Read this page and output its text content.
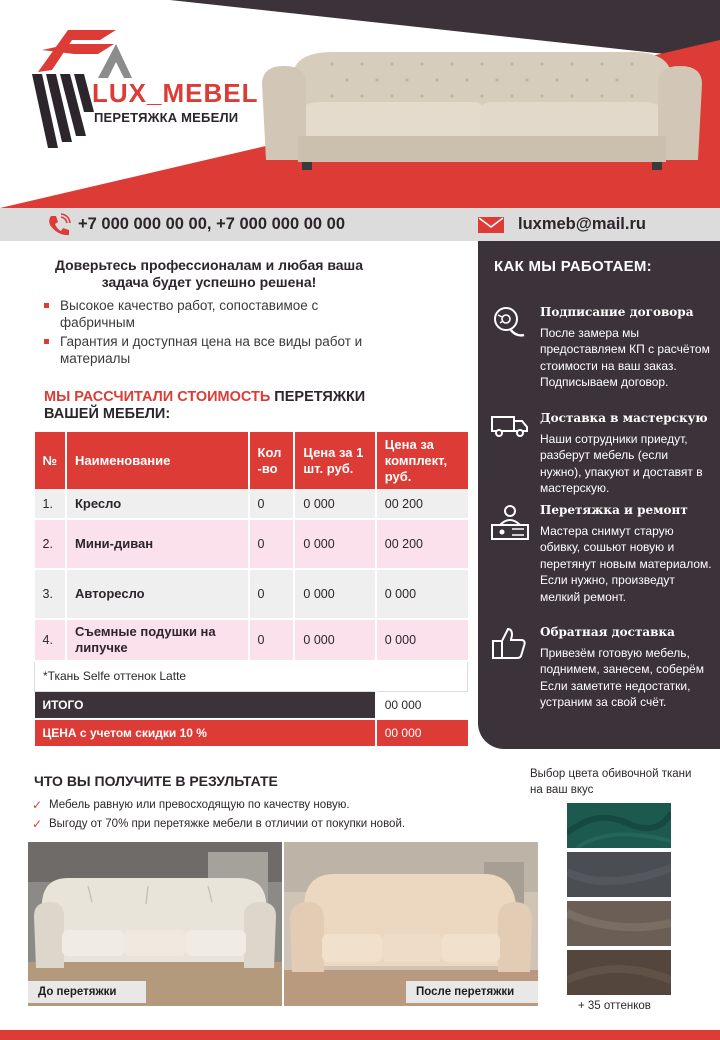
LUX_MEBEL
ПЕРЕТЯЖКА МЕБЕЛИ
+7 000 000 00 00, +7 000 000 00 00	luxmeb@mail.ru
Доверьтесь профессионалам и любая ваша задача будет успешно решена!
Высокое качество работ, сопоставимое с фабричным
Гарантия и доступная цена на все виды работ и материалы
МЫ РАССЧИТАЛИ СТОИМОСТЬ ПЕРЕТЯЖКИ ВАШЕЙ МЕБЕЛИ:
№	Наименование	Кол -во	Цена за 1 шт. руб.	Цена за комплект, руб.
1.	Кресло	0	0 000	00 200
2.	Мини-диван	0	0 000	00 200
3.	Авторесло	0	0 000	0 000
4.	Съемные подушки на липучке	0	0 000	0 000
*Ткань Selfe оттенок Latte				
ИТОГО				00 000
ЦЕНА с учетом скидки 10 %				00 000
КАК МЫ РАБОТАЕМ:
Подписание договора
После замера мы предоставляем КП с расчётом стоимости на ваш заказ. Подписываем договор.
Доставка в мастерскую
Наши сотрудники приедут, разберут мебель (если нужно), упакуют и доставят в мастерскую.
Перетяжка и ремонт
Мастера снимут старую обивку, сошьют новую и перетянут новым материалом. Если нужно, произведут мелкий ремонт.
Обратная доставка
Привезём готовую мебель, поднимем, занесем, соберём Если заметите недостатки, устраним за свой счёт.
ЧТО ВЫ ПОЛУЧИТЕ В РЕЗУЛЬТАТЕ
✓ Мебель равную или превосходящую по качеству новую.
✓ Выгоду от 70% при перетяжке мебели в отличии от покупки новой.
До перетяжки	После перетяжки
Выбор цвета обивочной ткани на ваш вкус
+ 35 оттенков
